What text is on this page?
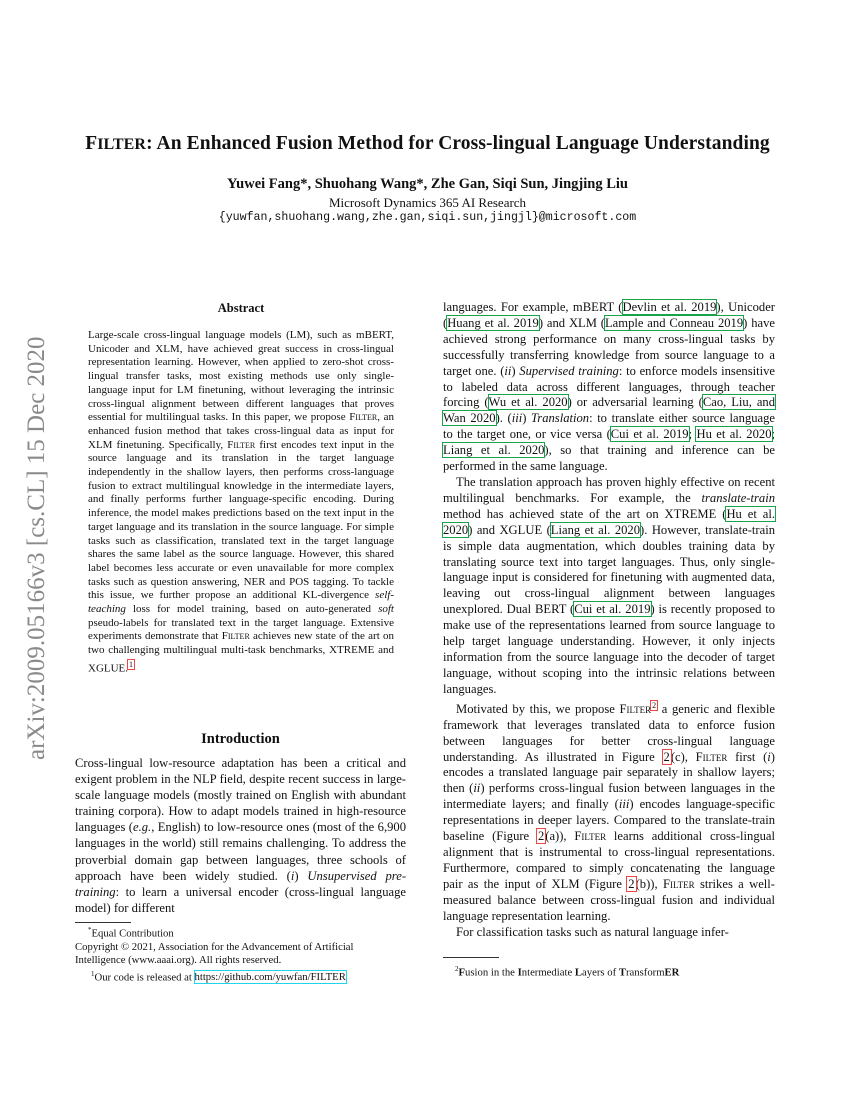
arXiv:2009.05166v3 [cs.CL] 15 Dec 2020
FILTER: An Enhanced Fusion Method for Cross-lingual Language Understanding
Yuwei Fang*, Shuohang Wang*, Zhe Gan, Siqi Sun, Jingjing Liu
Microsoft Dynamics 365 AI Research
{yuwfan,shuohang.wang,zhe.gan,siqi.sun,jingjl}@microsoft.com
Abstract
Large-scale cross-lingual language models (LM), such as mBERT, Unicoder and XLM, have achieved great success in cross-lingual representation learning. However, when applied to zero-shot cross-lingual transfer tasks, most existing methods use only single-language input for LM finetuning, without leveraging the intrinsic cross-lingual alignment between different languages that proves essential for multilingual tasks. In this paper, we propose Filter, an enhanced fusion method that takes cross-lingual data as input for XLM finetuning. Specifically, Filter first encodes text input in the source language and its translation in the target language independently in the shallow layers, then performs cross-language fusion to extract multilingual knowledge in the intermediate layers, and finally performs further language-specific encoding. During inference, the model makes predictions based on the text input in the target language and its translation in the source language. For simple tasks such as classification, translated text in the target language shares the same label as the source language. However, this shared label becomes less accurate or even unavailable for more complex tasks such as question answering, NER and POS tagging. To tackle this issue, we further propose an additional KL-divergence self-teaching loss for model training, based on auto-generated soft pseudo-labels for translated text in the target language. Extensive experiments demonstrate that Filter achieves new state of the art on two challenging multilingual multi-task benchmarks, XTREME and XGLUE.$^1$
Introduction
Cross-lingual low-resource adaptation has been a critical and exigent problem in the NLP field, despite recent success in large-scale language models (mostly trained on English with abundant training corpora). How to adapt models trained in high-resource languages (e.g., English) to low-resource ones (most of the 6,900 languages in the world) still remains challenging. To address the proverbial domain gap between languages, three schools of approach have been widely studied. (i) Unsupervised pre-training: to learn a universal encoder (cross-lingual language model) for different

languages. For example, mBERT (Devlin et al. 2019), Unicoder (Huang et al. 2019) and XLM (Lample and Conneau 2019) have achieved strong performance on many cross-lingual tasks by successfully transferring knowledge from source language to a target one. (ii) Supervised training: to enforce models insensitive to labeled data across different languages, through teacher forcing (Wu et al. 2020) or adversarial learning (Cao, Liu, and Wan 2020). (iii) Translation: to translate either source language to the target one, or vice versa (Cui et al. 2019; Hu et al. 2020; Liang et al. 2020), so that training and inference can be performed in the same language.

The translation approach has proven highly effective on recent multilingual benchmarks. For example, the translate-train method has achieved state of the art on XTREME (Hu et al. 2020) and XGLUE (Liang et al. 2020). However, translate-train is simple data augmentation, which doubles training data by translating source text into target languages. Thus, only single-language input is considered for finetuning with augmented data, leaving out cross-lingual alignment between languages unexplored. Dual BERT (Cui et al. 2019) is recently proposed to make use of the representations learned from source language to help target language understanding. However, it only injects information from the source language into the decoder of target language, without scoping into the intrinsic relations between languages.

Motivated by this, we propose Filter$^2$ a generic and flexible framework that leverages translated data to enforce fusion between languages for better cross-lingual language understanding. As illustrated in Figure 2(c), Filter first (i) encodes a translated language pair separately in shallow layers; then (ii) performs cross-lingual fusion between languages in the intermediate layers; and finally (iii) encodes language-specific representations in deeper layers. Compared to the translate-train baseline (Figure 2(a)), Filter learns additional cross-lingual alignment that is instrumental to cross-lingual representations. Furthermore, compared to simply concatenating the language pair as the input of XLM (Figure 2(b)), Filter strikes a well-measured balance between cross-lingual fusion and individual language representation learning.

For classification tasks such as natural language infer-

*Equal Contribution
Copyright © 2021, Association for the Advancement of Artificial Intelligence (www.aaai.org). All rights reserved.
$^1$Our code is released at https://github.com/yuwfan/FILTER
$^2$Fusion in the Intermediate Layers of TransformER
